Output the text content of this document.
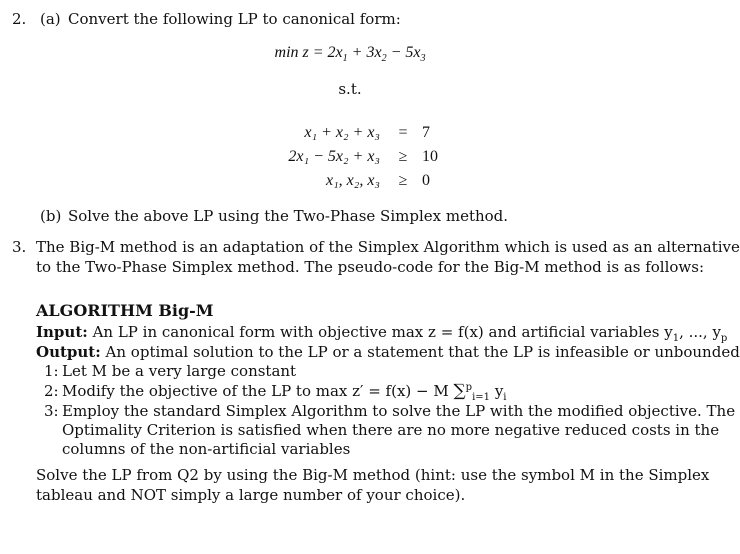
2. (a) Convert the following LP to canonical form:
$\min z = 2x_1 + 3x_2 - 5x_3$
s.t.
x₁ + x₂ + x₃ = 7
2x₁ − 5x₂ + x₃ ≥ 10
x₁, x₂, x₃ ≥ 0
(b) Solve the above LP using the Two-Phase Simplex method.
3. The Big-M method is an adaptation of the Simplex Algorithm which is used as an alternative
to the Two-Phase Simplex method. The pseudo-code for the Big-M method is as follows:
ALGORITHM Big-M
Input: An LP in canonical form with objective max z = f(x) and artificial variables $y_1$, ..., $y_p$
Output: An optimal solution to the LP or a statement that the LP is infeasible or unbounded
1: Let M be a very large constant
2: Modify the objective of the LP to max z′ = f(x) − M ∑$^p_{i=1}$ $y_i$
3: Employ the standard Simplex Algorithm to solve the LP with the modified objective. The
Optimality Criterion is satisfied when there are no more negative reduced costs in the
columns of the non-artificial variables
Solve the LP from Q2 by using the Big-M method (hint: use the symbol M in the Simplex
tableau and NOT simply a large number of your choice).
